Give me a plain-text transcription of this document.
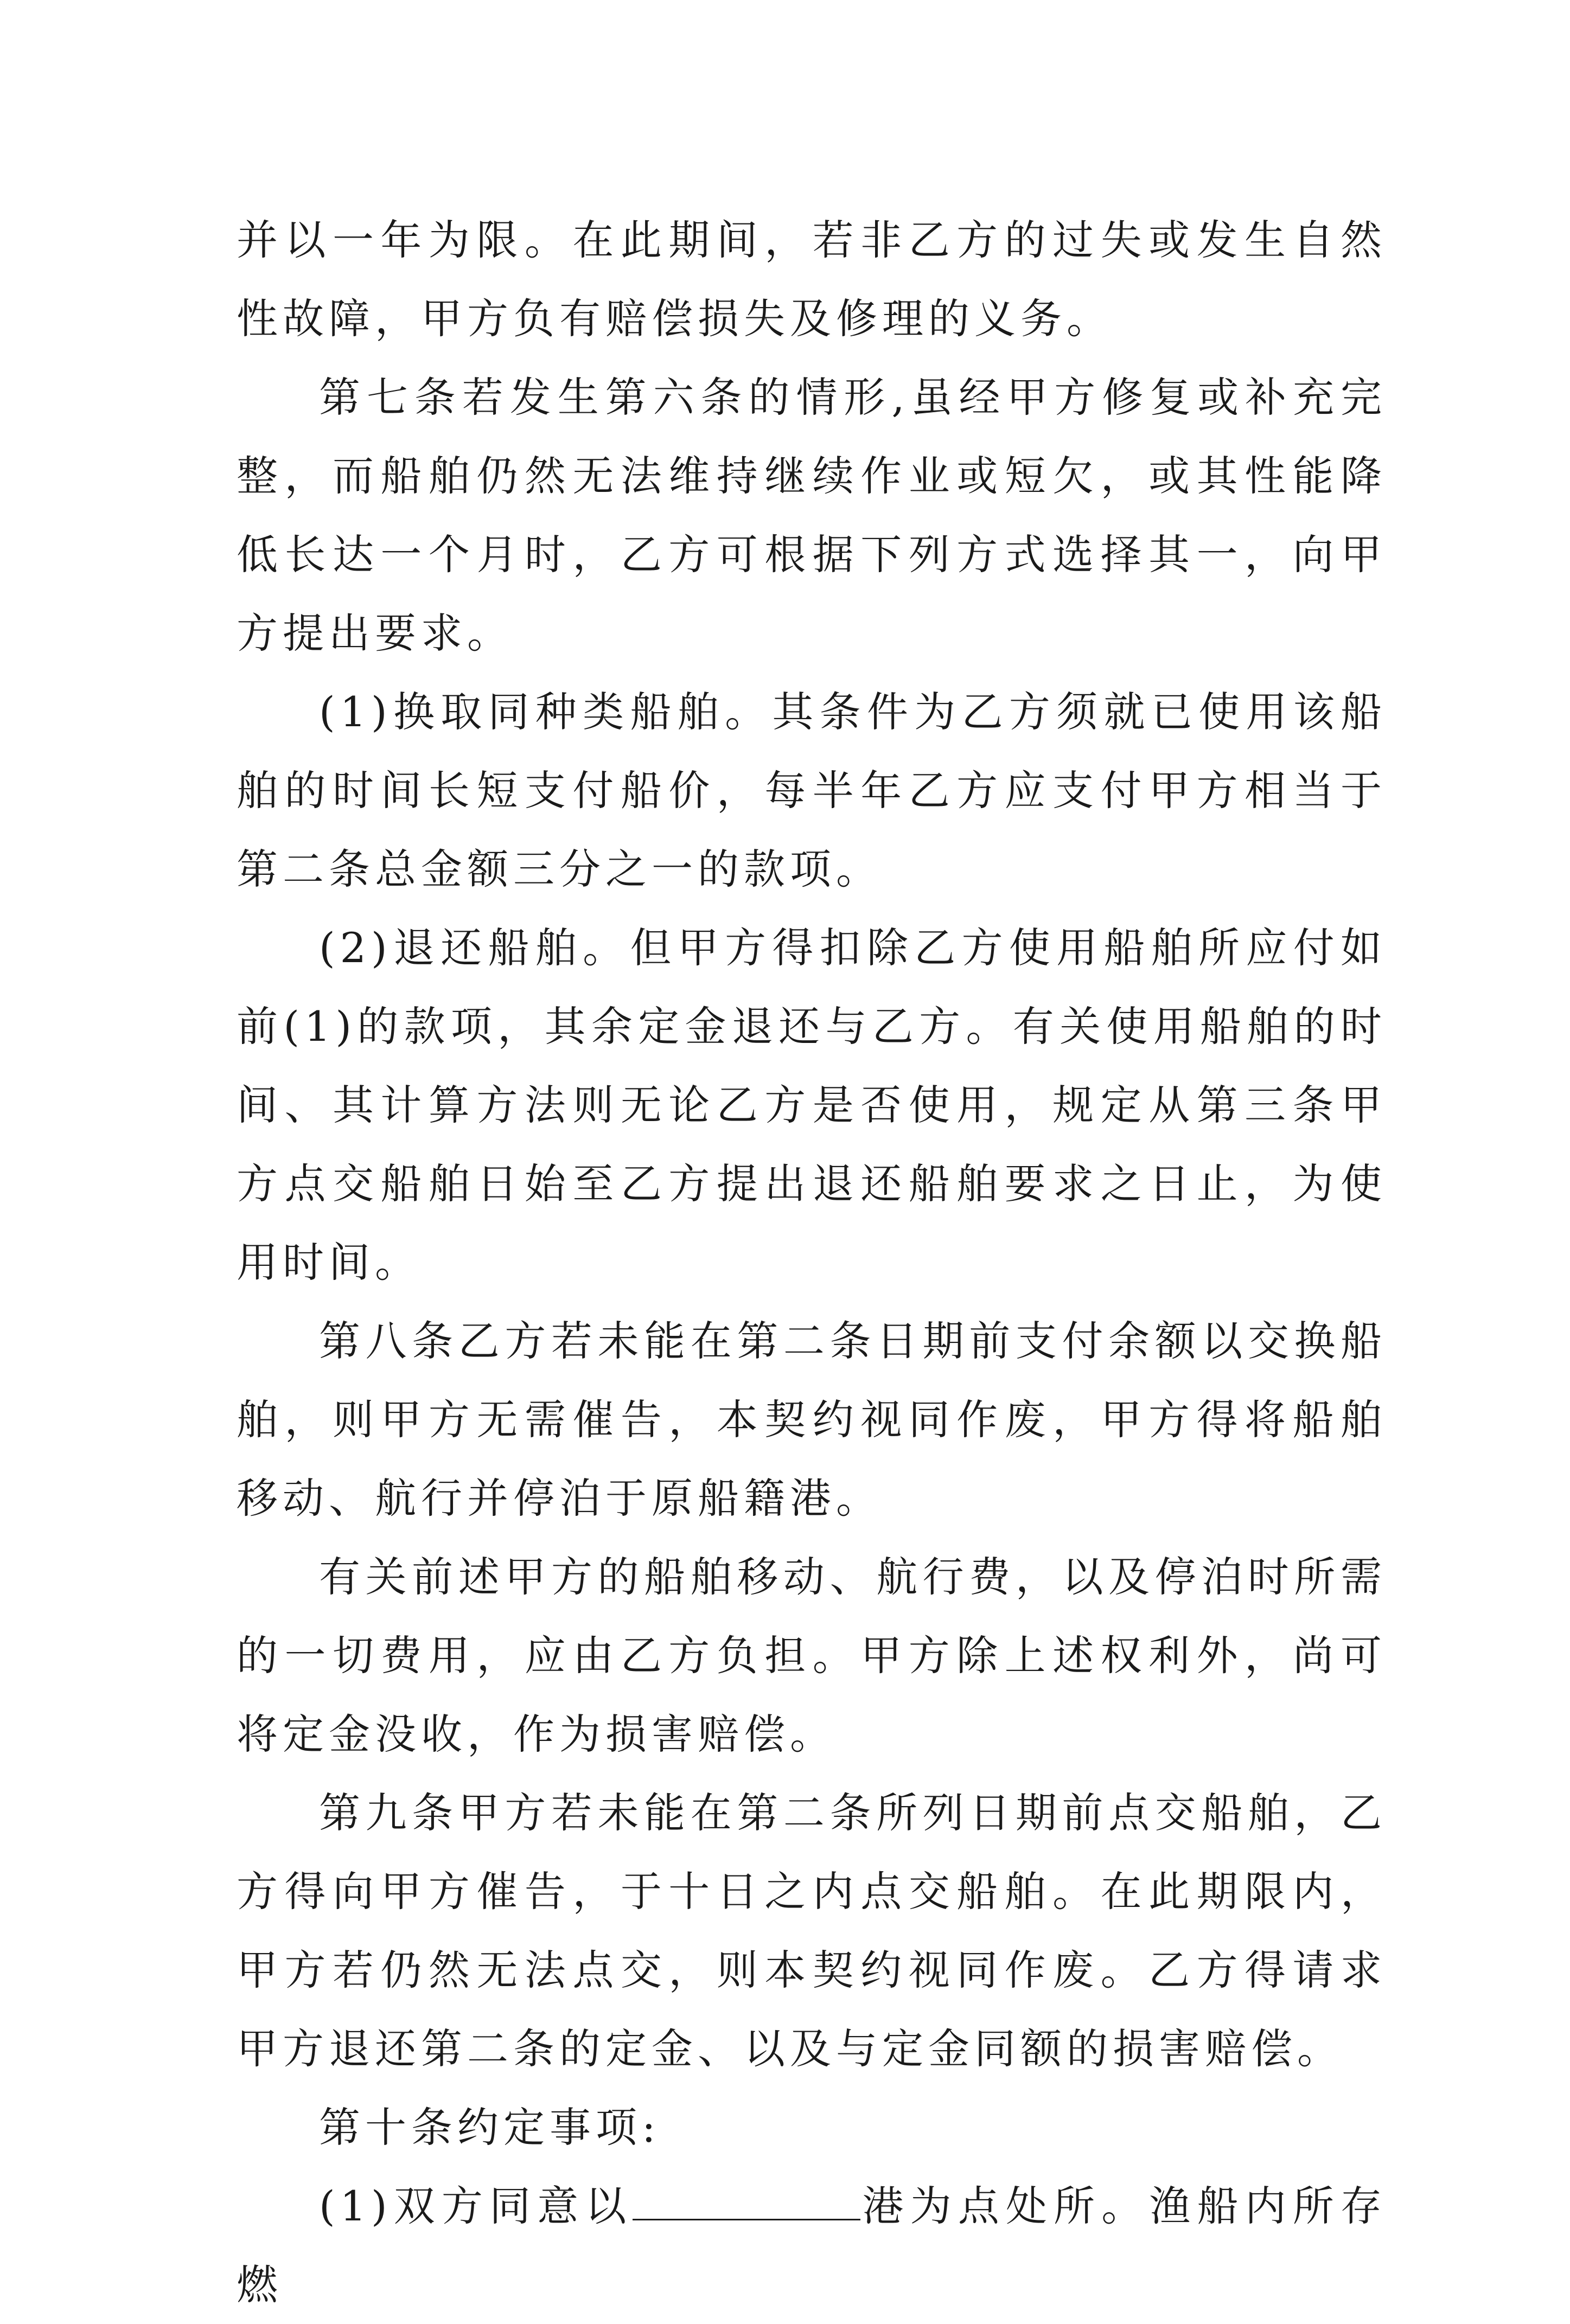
并以一年为限。在此期间，若非乙方的过失或发生自然性故障，甲方负有赔偿损失及修理的义务。

第七条若发生第六条的情形,虽经甲方修复或补充完整，而船舶仍然无法维持继续作业或短欠，或其性能降低长达一个月时，乙方可根据下列方式选择其一，向甲方提出要求。

(1)换取同种类船舶。其条件为乙方须就已使用该船舶的时间长短支付船价，每半年乙方应支付甲方相当于第二条总金额三分之一的款项。

(2)退还船舶。但甲方得扣除乙方使用船舶所应付如前(1)的款项，其余定金退还与乙方。有关使用船舶的时间、其计算方法则无论乙方是否使用，规定从第三条甲方点交船舶日始至乙方提出退还船舶要求之日止，为使用时间。

第八条乙方若未能在第二条日期前支付余额以交换船舶，则甲方无需催告，本契约视同作废，甲方得将船舶移动、航行并停泊于原船籍港。

有关前述甲方的船舶移动、航行费，以及停泊时所需的一切费用，应由乙方负担。甲方除上述权利外，尚可将定金没收，作为损害赔偿。

第九条甲方若未能在第二条所列日期前点交船舶，乙方得向甲方催告，于十日之内点交船舶。在此期限内，甲方若仍然无法点交，则本契约视同作废。乙方得请求甲方退还第二条的定金、以及与定金同额的损害赔偿。

第十条约定事项:

(1)双方同意以	港为点处所。渔船内所存燃
